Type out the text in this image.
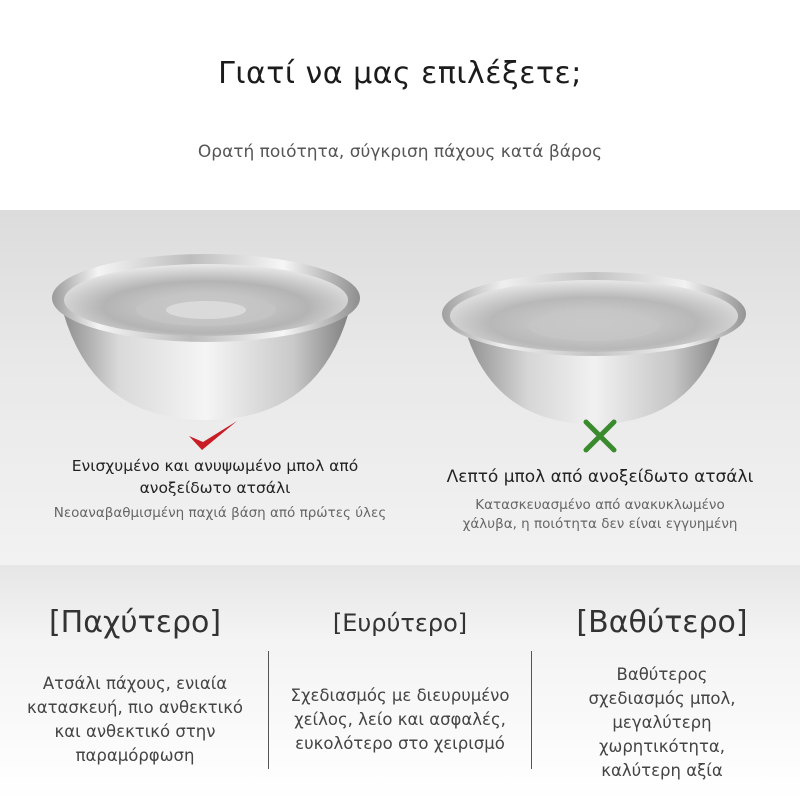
Γιατί να μας επιλέξετε;
Ορατή ποιότητα, σύγκριση πάχους κατά βάρος
Ενισχυμένο και ανυψωμένο μπολ από
ανοξείδωτο ατσάλι
Νεοαναβαθμισμένη παχιά βάση από πρώτες ύλες
Λεπτό μπολ από ανοξείδωτο ατσάλι
Κατασκευασμένο από ανακυκλωμένο
χάλυβα, η ποιότητα δεν είναι εγγυημένη
[Παχύτερο]
Ατσάλι πάχους, ενιαία
κατασκευή, πιο ανθεκτικό
και ανθεκτικό στην
παραμόρφωση
[Ευρύτερο]
Σχεδιασμός με διευρυμένο
χείλος, λείο και ασφαλές,
ευκολότερο στο χειρισμό
[Βαθύτερο]
Βαθύτερος
σχεδιασμός μπολ,
μεγαλύτερη
χωρητικότητα,
καλύτερη αξία
